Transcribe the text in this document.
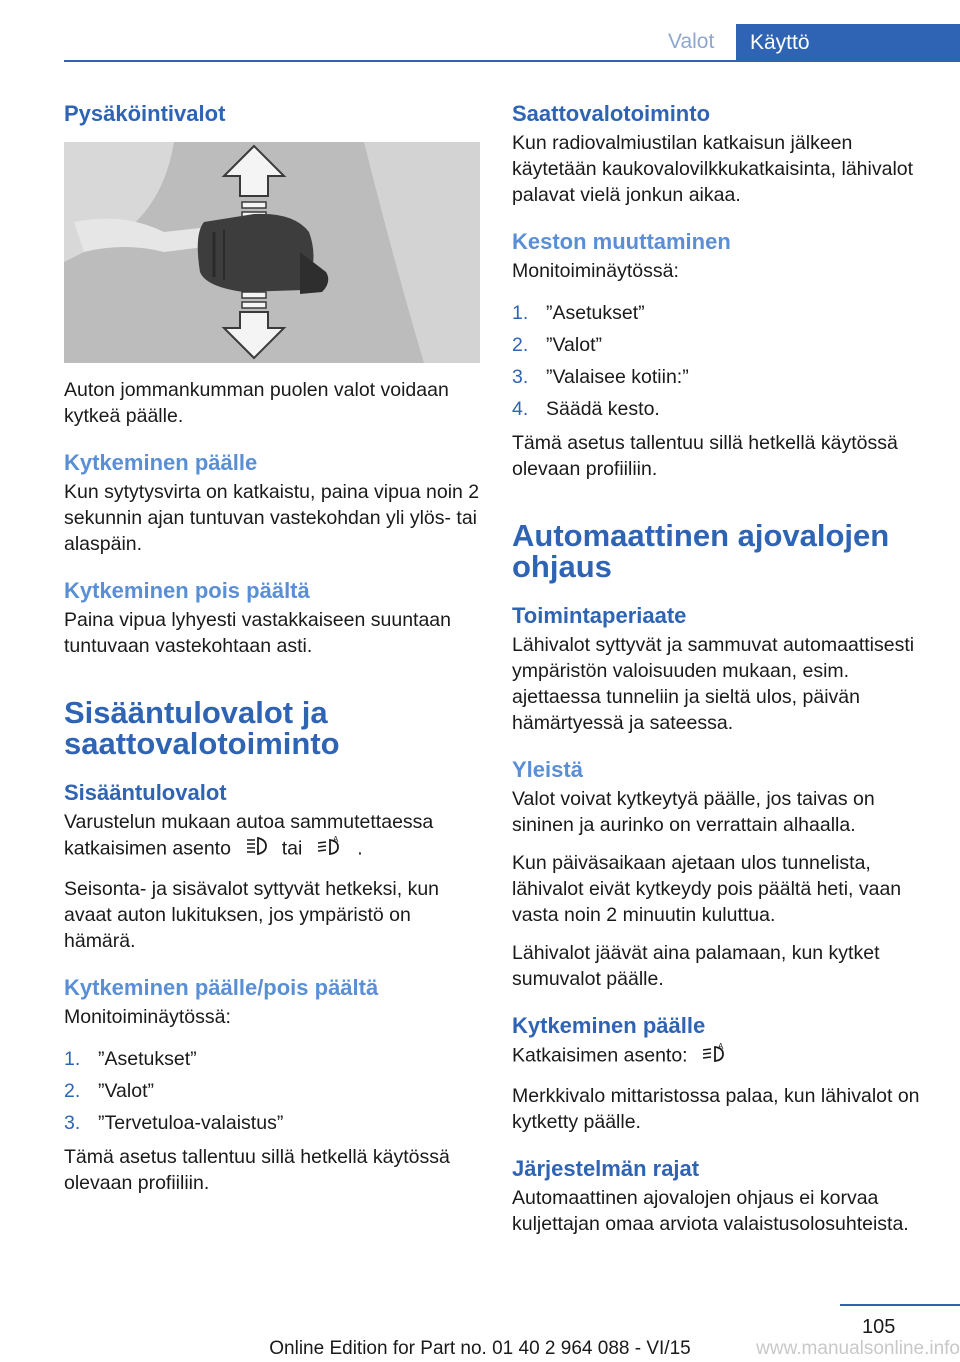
Valot	Käyttö
Pysäköintivalot

Auton jommankumman puolen valot voidaan kytkeä päälle.

Kytkeminen päälle

Kun sytytysvirta on katkaistu, paina vipua noin 2 sekunnin ajan tuntuvan vastekohdan yli ylös- tai alaspäin.

Kytkeminen pois päältä

Paina vipua lyhyesti vastakkaiseen suuntaan tuntuvaan vastekohtaan asti.

Sisääntulovalot ja saattovalotoiminto
Sisääntulovalot

Varustelun mukaan autoa sammutettaessa katkaisimen asento	tai	A .

Seisonta- ja sisävalot syttyvät hetkeksi, kun avaat auton lukituksen, jos ympäristö on hämärä.

Kytkeminen päälle/pois päältä

Monitoiminäytössä:

1. ”Asetukset”
2. ”Valot”
3. ”Tervetuloa-valaistus”

Tämä asetus tallentuu sillä hetkellä käytössä olevaan profiiliin.

Saattovalotoiminto

Kun radiovalmiustilan katkaisun jälkeen käytetään kaukovalovilkkukatkaisinta, lähivalot palavat vielä jonkun aikaa.

Keston muuttaminen

Monitoiminäytössä:

1. ”Asetukset”
2. ”Valot”
3. ”Valaisee kotiin:”
4. Säädä kesto.

Tämä asetus tallentuu sillä hetkellä käytössä olevaan profiiliin.

Automaattinen ajovalojen ohjaus
Toimintaperiaate

Lähivalot syttyvät ja sammuvat automaattisesti ympäristön valoisuuden mukaan, esim. ajettaessa tunneliin ja sieltä ulos, päivän hämärtyessä ja sateessa.

Yleistä

Valot voivat kytkeytyä päälle, jos taivas on sininen ja aurinko on verrattain alhaalla.

Kun päiväsaikaan ajetaan ulos tunnelista, lähivalot eivät kytkeydy pois päältä heti, vaan vasta noin 2 minuutin kuluttua.

Lähivalot jäävät aina palamaan, kun kytket sumuvalot päälle.

Kytkeminen päälle

Katkaisimen asento:	A

Merkkivalo mittaristossa palaa, kun lähivalot on kytketty päälle.

Järjestelmän rajat

Automaattinen ajovalojen ohjaus ei korvaa kuljettajan omaa arviota valaistusolosuhteista.

105
Online Edition for Part no. 01 40 2 964 088 - VI/15	www.manualsonline.info
